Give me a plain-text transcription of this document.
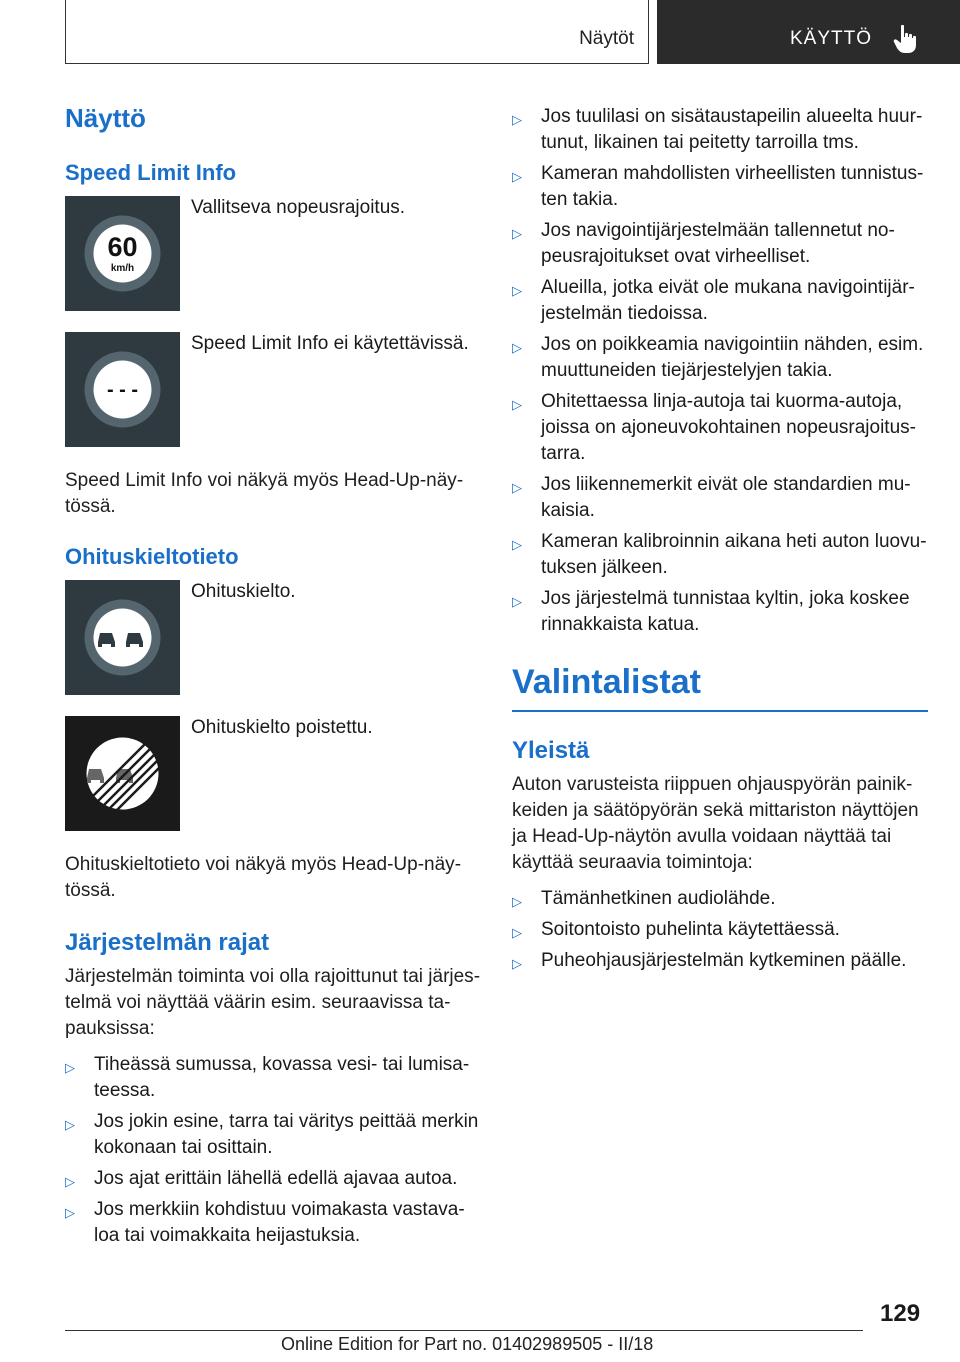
Näytöt	KÄYTTÖ
Näyttö
Speed Limit Info
60
km/h
Vallitseva nopeusrajoitus.
- - -
Speed Limit Info ei käytettävissä.

Speed Limit Info voi näkyä myös Head-Up-näytössä.

Ohituskieltotieto
Ohituskielto.
Ohituskielto poistettu.

Ohituskieltotieto voi näkyä myös Head-Up-näytössä.

Järjestelmän rajat

Järjestelmän toiminta voi olla rajoittunut tai järjestelmä voi näyttää väärin esim. seuraavissa tapauksissa:

▷ Tiheässä sumussa, kovassa vesi- tai lumisateessa.
▷ Jos jokin esine, tarra tai väritys peittää merkin kokonaan tai osittain.
▷ Jos ajat erittäin lähellä edellä ajavaa autoa.
▷ Jos merkkiin kohdistuu voimakasta vastavaloa tai voimakkaita heijastuksia.
▷ Jos tuulilasi on sisätaustapeilin alueelta huurtunut, likainen tai peitetty tarroilla tms.
▷ Kameran mahdollisten virheellisten tunnistusten takia.
▷ Jos navigointijärjestelmään tallennetut nopeusrajoitukset ovat virheelliset.
▷ Alueilla, jotka eivät ole mukana navigointijärjestelmän tiedoissa.
▷ Jos on poikkeamia navigointiin nähden, esim. muuttuneiden tiejärjestelyjen takia.
▷ Ohitettaessa linja-autoja tai kuorma-autoja, joissa on ajoneuvokohtainen nopeusrajoitustarra.
▷ Jos liikennemerkit eivät ole standardien mukaisia.
▷ Kameran kalibroinnin aikana heti auton luovutuksen jälkeen.
▷ Jos järjestelmä tunnistaa kyltin, joka koskee rinnakkaista katua.
Valintalistat
Yleistä

Auton varusteista riippuen ohjauspyörän painikkeiden ja säätöpyörän sekä mittariston näyttöjen ja Head-Up-näytön avulla voidaan näyttää tai käyttää seuraavia toimintoja:

▷ Tämänhetkinen audiolähde.
▷ Soitontoisto puhelinta käytettäessä.
▷ Puheohjausjärjestelmän kytkeminen päälle.
129
Online Edition for Part no. 01402989505 - II/18
